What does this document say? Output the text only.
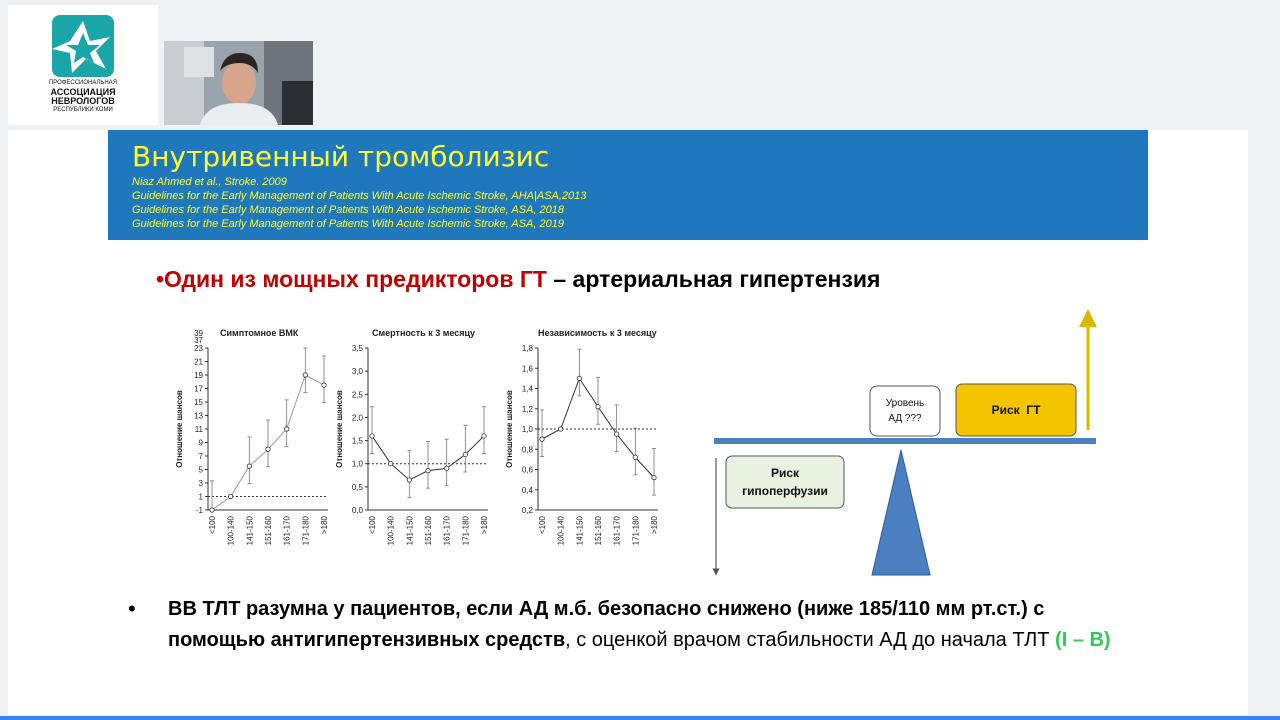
ПРОФЕССИОНАЛЬНАЯ
АССОЦИАЦИЯ
НЕВРОЛОГОВ
РЕСПУБЛИКИ КОМИ
Внутривенный тромболизис
Niaz Ahmed et al., Stroke. 2009
Guidelines for the Early Management of Patients With Acute Ischemic Stroke, AHA|ASA,2013
Guidelines for the Early Management of Patients With Acute Ischemic Stroke, ASA, 2018
Guidelines for the Early Management of Patients With Acute Ischemic Stroke, ASA, 2019
•Один из мощных предикторов ГТ – артериальная гипертензия
Симптомное ВМК	Смертность к 3 месяцу	Независимость к 3 месяцу
-1
1
3
5
7
9
11
13
15
17
19
21
23
37
39
Отношение шансов
<100 100-140 141-150 151-160 161-170 171-180 >180
0,0
0,5
1,0
1,5
2,0
2,5
3,0
3,5
Отношение шансов
<100 100-140 141-150 151-160 161-170 171-180 >180
0,2
0,4
0,6
0,8
1,0
1,2
1,4
1,6
1,8
Отношение шансов
<100 100-140 141-150 151-160 161-170 171-180 >180
Уровень
АД ???
Риск  ГТ
Риск
гипоперфузии
• ВВ ТЛТ разумна у пациентов, если АД м.б. безопасно снижено (ниже 185/110 мм рт.ст.) с помощью антигипертензивных средств, с оценкой врачом стабильности АД до начала ТЛТ (I – B)
